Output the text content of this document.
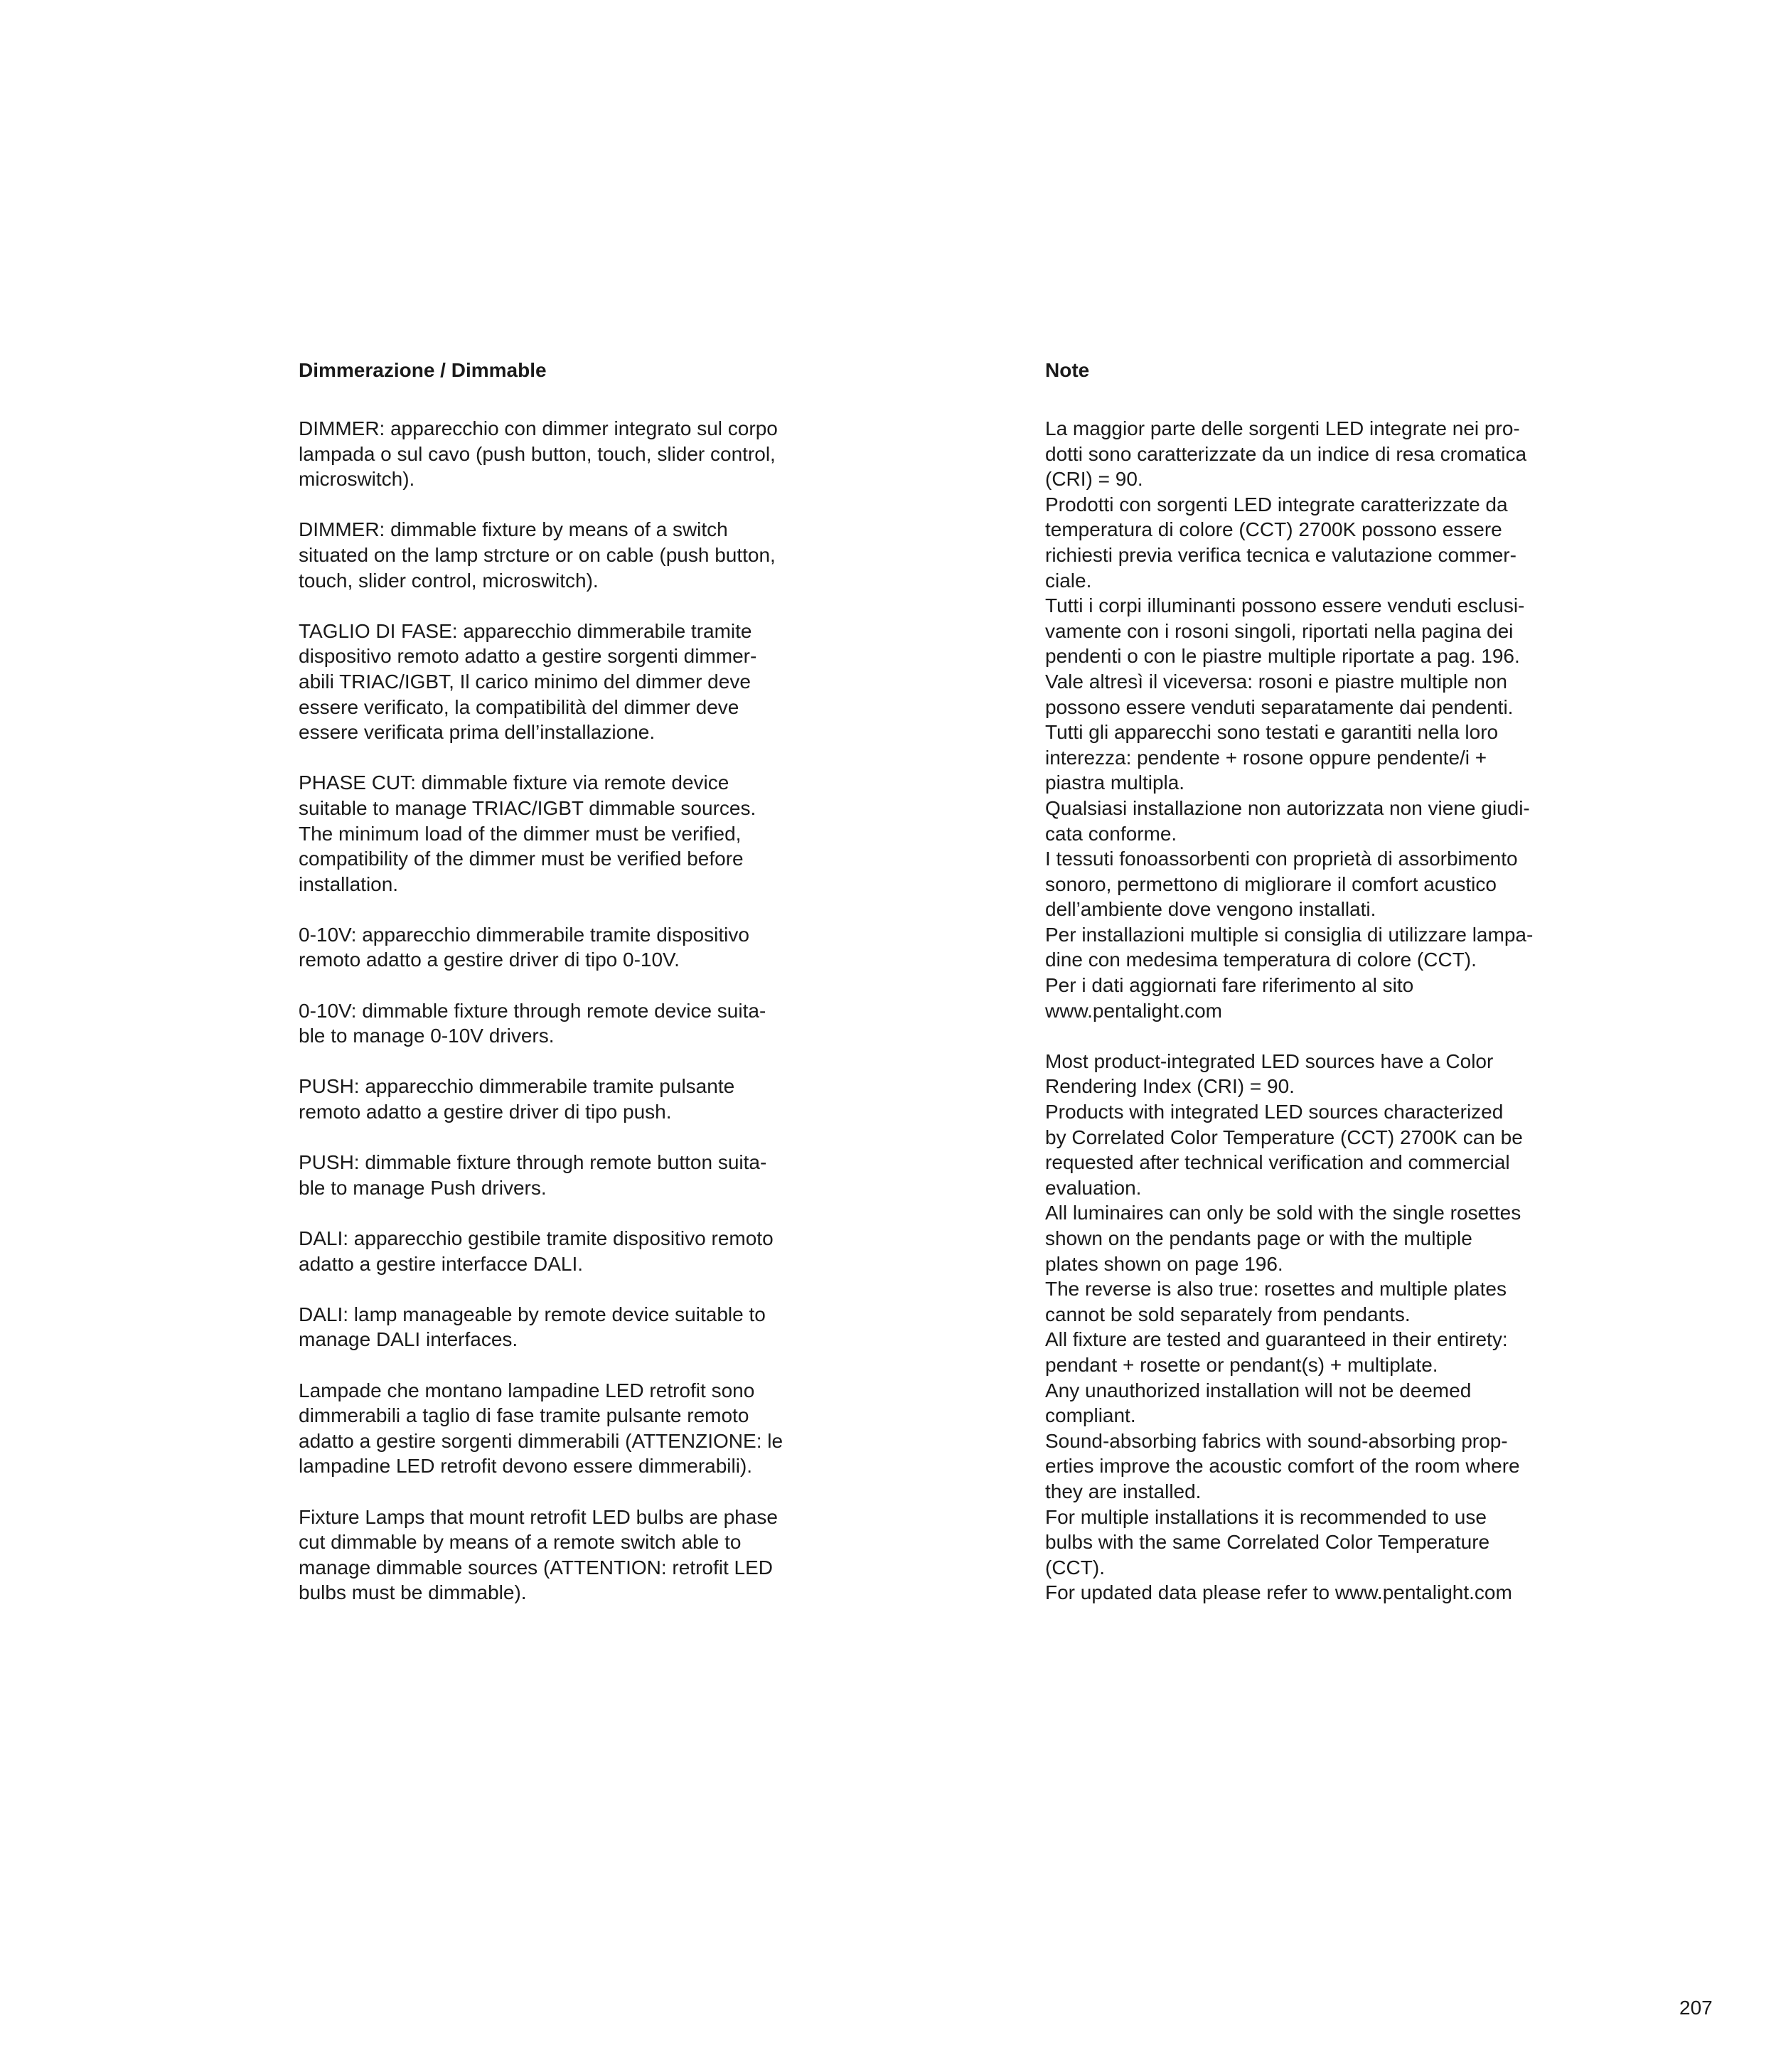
Dimmerazione / Dimmable
DIMMER: apparecchio con dimmer integrato sul corpo
lampada o sul cavo (push button, touch, slider control,
microswitch).
DIMMER: dimmable fixture by means of a switch
situated on the lamp strcture or on cable (push button,
touch, slider control, microswitch).
TAGLIO DI FASE: apparecchio dimmerabile tramite
dispositivo remoto adatto a gestire sorgenti dimmer-
abili TRIAC/IGBT, Il carico minimo del dimmer deve
essere verificato, la compatibilità del dimmer deve
essere verificata prima dell’installazione.
PHASE CUT: dimmable fixture via remote device
suitable to manage TRIAC/IGBT dimmable sources.
The minimum load of the dimmer must be verified,
compatibility of the dimmer must be verified before
installation.
0-10V: apparecchio dimmerabile tramite dispositivo
remoto adatto a gestire driver di tipo 0-10V.
0-10V: dimmable fixture through remote device suita-
ble to manage 0-10V drivers.
PUSH: apparecchio dimmerabile tramite pulsante
remoto adatto a gestire driver di tipo push.
PUSH: dimmable fixture through remote button suita-
ble to manage Push drivers.
DALI: apparecchio gestibile tramite dispositivo remoto
adatto a gestire interfacce DALI.
DALI: lamp manageable by remote device suitable to
manage DALI interfaces.
Lampade che montano lampadine LED retrofit sono
dimmerabili a taglio di fase tramite pulsante remoto
adatto a gestire sorgenti dimmerabili (ATTENZIONE: le
lampadine LED retrofit devono essere dimmerabili).
Fixture Lamps that mount retrofit LED bulbs are phase
cut dimmable by means of a remote switch able to
manage dimmable sources (ATTENTION: retrofit LED
bulbs must be dimmable).
Note
La maggior parte delle sorgenti LED integrate nei pro-
dotti sono caratterizzate da un indice di resa cromatica
(CRI) = 90.
Prodotti con sorgenti LED integrate caratterizzate da
temperatura di colore (CCT) 2700K possono essere
richiesti previa verifica tecnica e valutazione commer-
ciale.
Tutti i corpi illuminanti possono essere venduti esclusi-
vamente con i rosoni singoli, riportati nella pagina dei
pendenti o con le piastre multiple riportate a pag. 196.
Vale altresì il viceversa: rosoni e piastre multiple non
possono essere venduti separatamente dai pendenti.
Tutti gli apparecchi sono testati e garantiti nella loro
interezza: pendente + rosone oppure pendente/i +
piastra multipla.
Qualsiasi installazione non autorizzata non viene giudi-
cata conforme.
I tessuti fonoassorbenti con proprietà di assorbimento
sonoro, permettono di migliorare il comfort acustico
dell’ambiente dove vengono installati.
Per installazioni multiple si consiglia di utilizzare lampa-
dine con medesima temperatura di colore (CCT).
Per i dati aggiornati fare riferimento al sito
www.pentalight.com
Most product-integrated LED sources have a Color
Rendering Index (CRI) = 90.
Products with integrated LED sources characterized
by Correlated Color Temperature (CCT) 2700K can be
requested after technical verification and commercial
evaluation.
All luminaires can only be sold with the single rosettes
shown on the pendants page or with the multiple
plates shown on page 196.
The reverse is also true: rosettes and multiple plates
cannot be sold separately from pendants.
All fixture are tested and guaranteed in their entirety:
pendant + rosette or pendant(s) + multiplate.
Any unauthorized installation will not be deemed
compliant.
Sound-absorbing fabrics with sound-absorbing prop-
erties improve the acoustic comfort of the room where
they are installed.
For multiple installations it is recommended to use
bulbs with the same Correlated Color Temperature
(CCT).
For updated data please refer to www.pentalight.com
207
